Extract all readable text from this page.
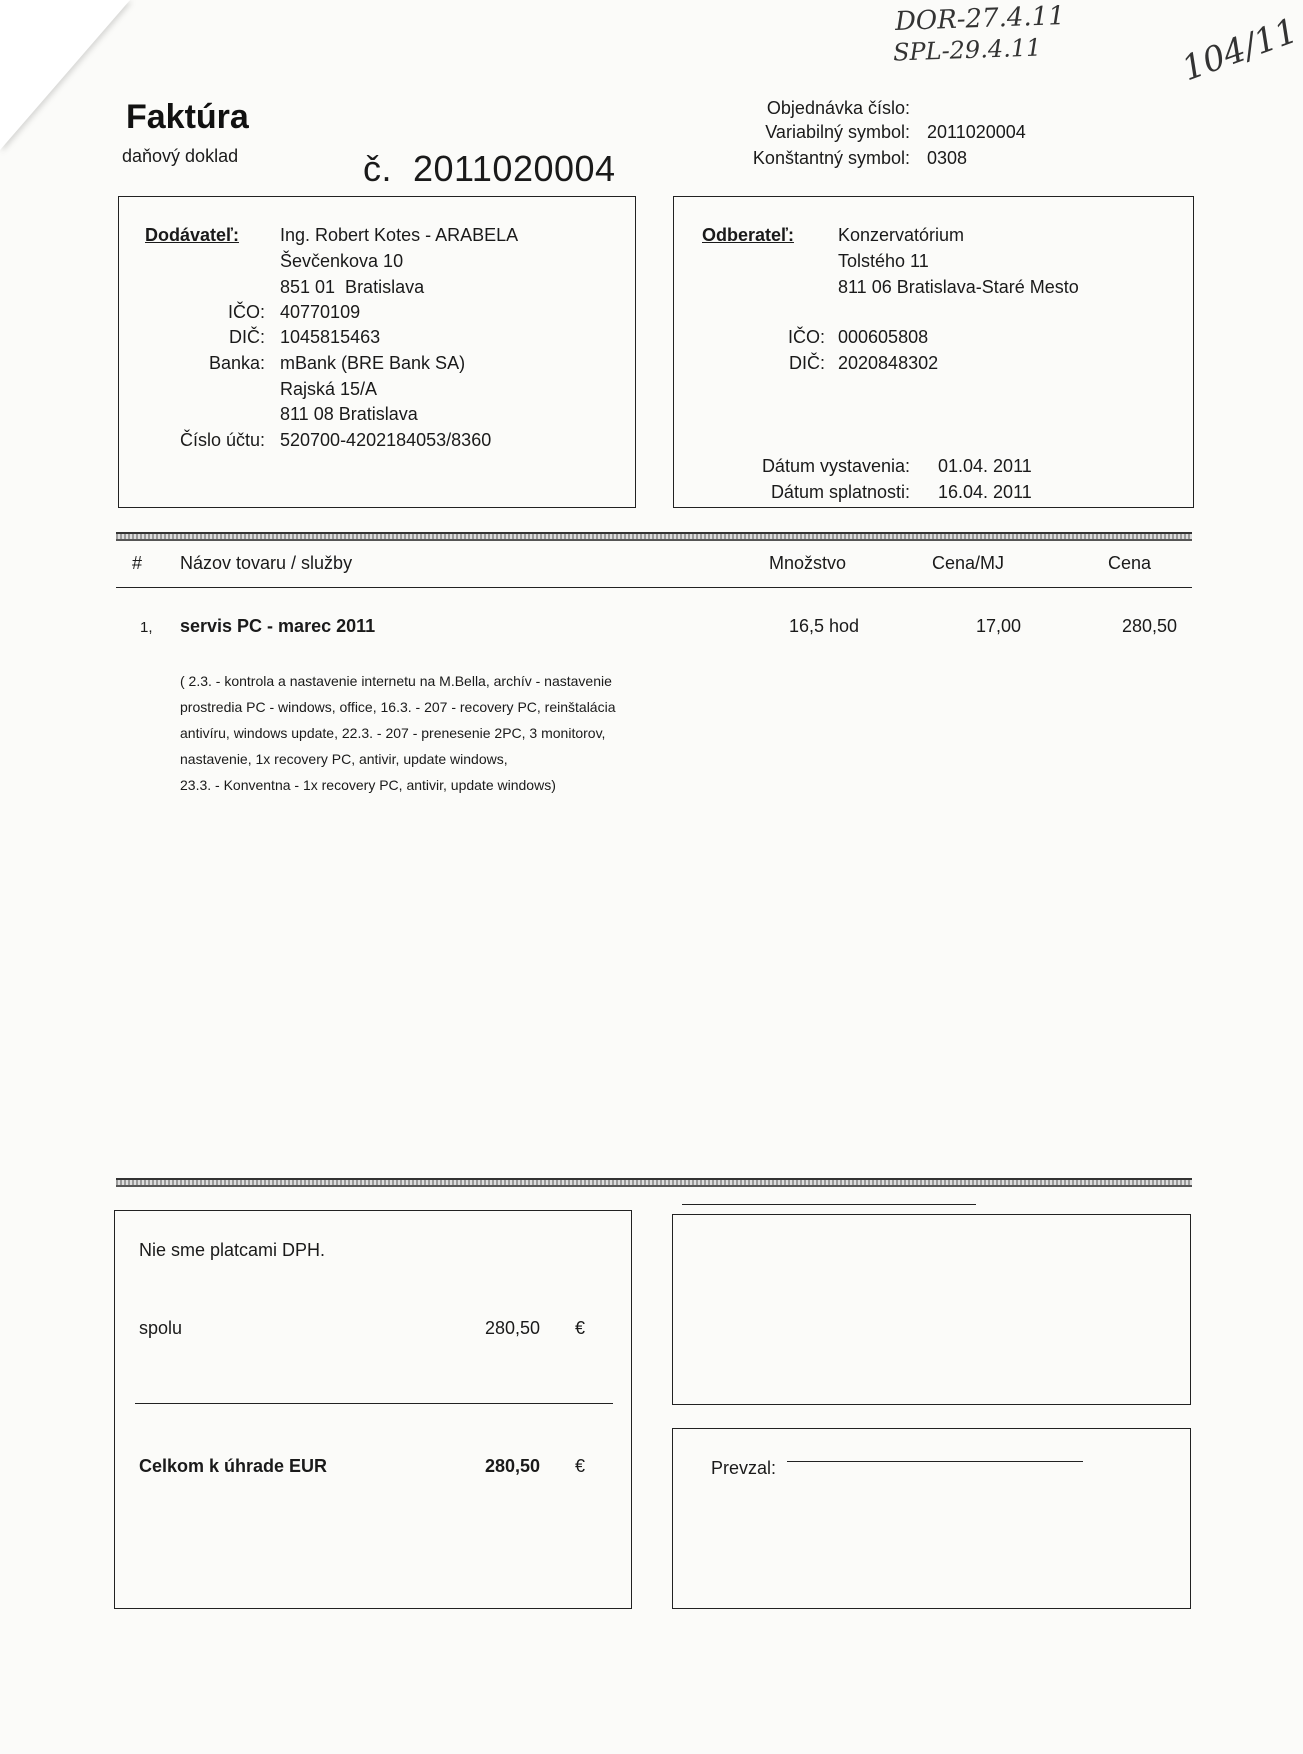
DOR-27.4.11
SPL-29.4.11	104/11
Faktúra
daňový doklad	č.  2011020004
Objednávka číslo:
Variabilný symbol: 2011020004
Konštantný symbol: 0308
Dodávateľ: Ing. Robert Kotes - ARABELA
Ševčenkova 10
851 01  Bratislava
IČO: 40770109
DIČ: 1045815463
Banka: mBank (BRE Bank SA)
Rajská 15/A
811 08 Bratislava
Číslo účtu: 520700-4202184053/8360
Odberateľ: Konzervatórium
Tolstého 11
811 06 Bratislava-Staré Mesto
IČO: 000605808
DIČ: 2020848302
Dátum vystavenia: 01.04. 2011
Dátum splatnosti: 16.04. 2011
# Názov tovaru / služby	Množstvo	Cena/MJ	Cena
1, servis PC - marec 2011	16,5 hod	17,00	280,50
( 2.3. - kontrola a nastavenie internetu na M.Bella, archív - nastavenie
prostredia PC - windows, office, 16.3. - 207 - recovery PC, reinštalácia
antivíru, windows update, 22.3. - 207 - prenesenie 2PC, 3 monitorov,
nastavenie, 1x recovery PC, antivir, update windows,
23.3. - Konventna - 1x recovery PC, antivir, update windows)
Nie sme platcami DPH.
spolu	280,50 €
Celkom k úhrade EUR	280,50 €	Prevzal:
